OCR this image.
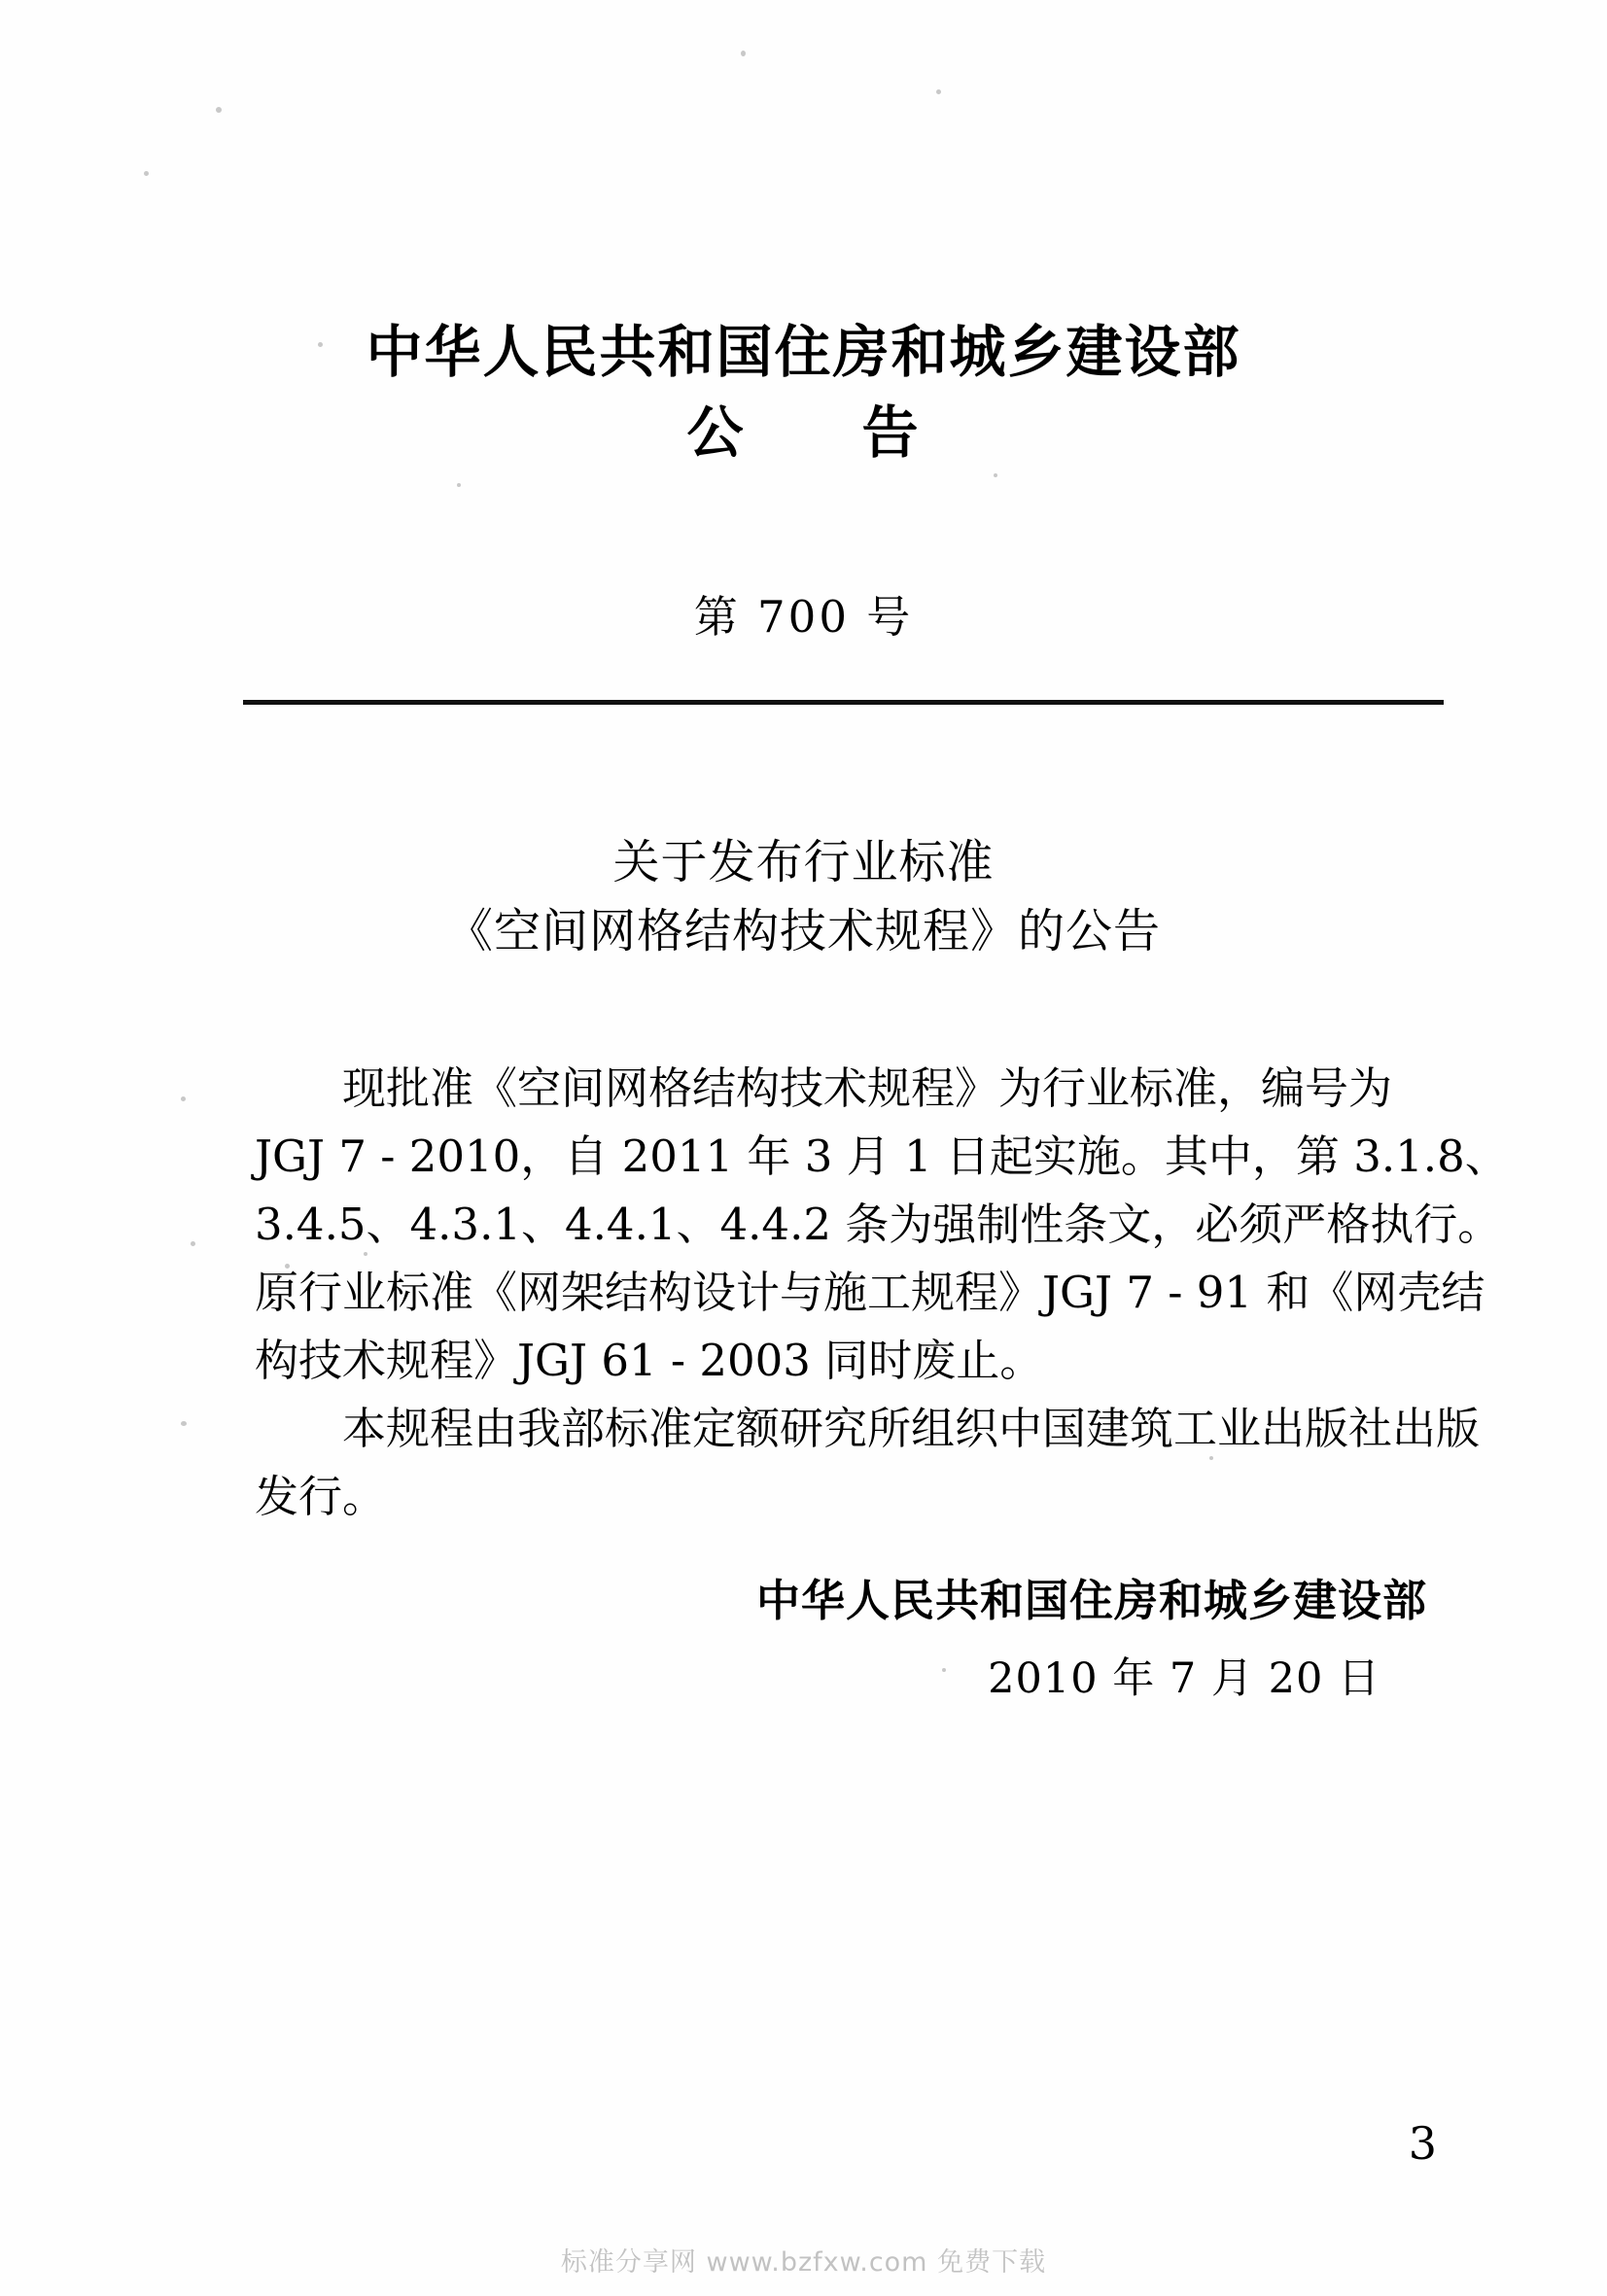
中华人民共和国住房和城乡建设部
公　　告
第 700 号
关于发布行业标准
《空间网格结构技术规程》的公告
　　现批准《空间网格结构技术规程》为行业标准，编号为
JGJ 7 - 2010，自 2011 年 3 月 1 日起实施。其中，第 3.1.8、
3.4.5、4.3.1、4.4.1、4.4.2 条为强制性条文，必须严格执行。
原行业标准《网架结构设计与施工规程》JGJ 7 - 91 和《网壳结
构技术规程》JGJ 61 - 2003 同时废止。
　　本规程由我部标准定额研究所组织中国建筑工业出版社出版
发行。
中华人民共和国住房和城乡建设部
2010 年 7 月 20 日
3
标准分享网 www.bzfxw.com 免费下载
